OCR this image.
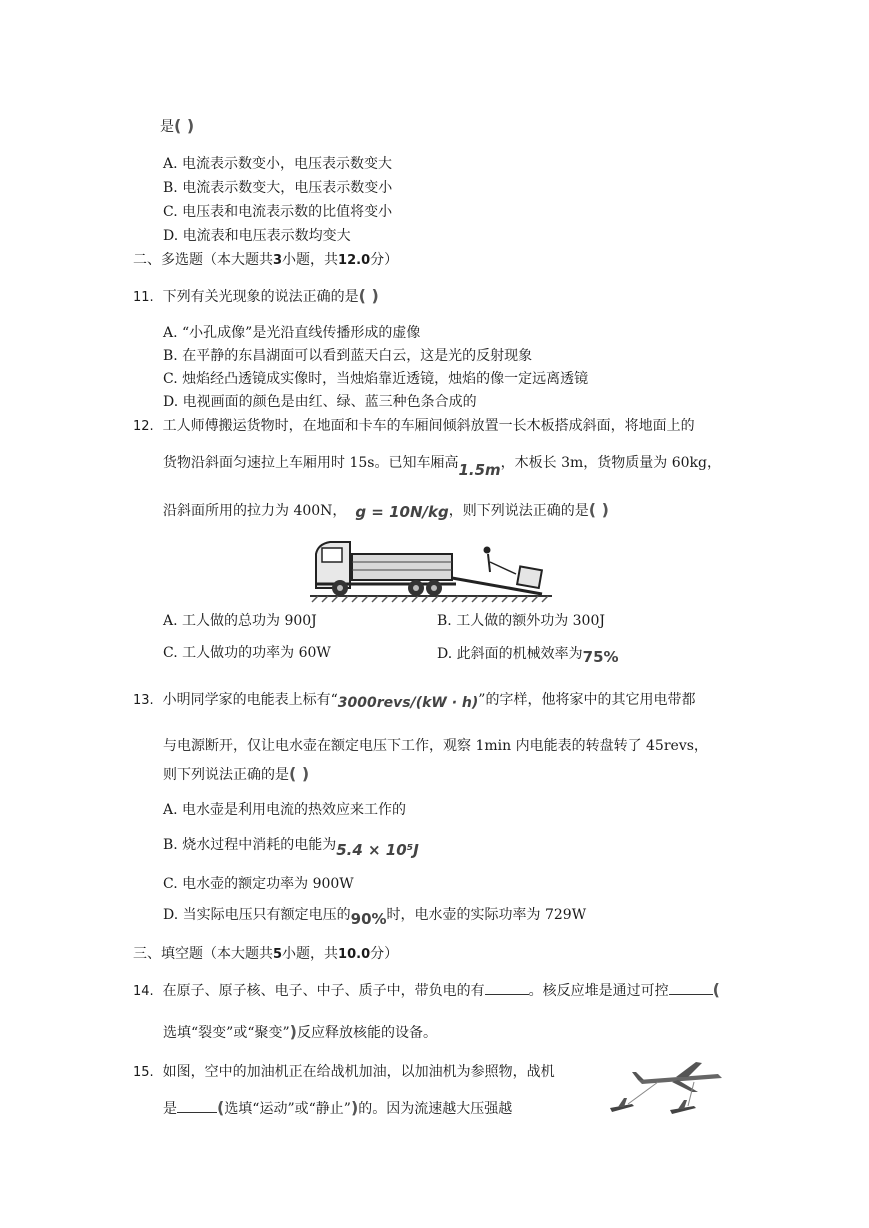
是( )
A. 电流表示数变小，电压表示数变大
B. 电流表示数变大，电压表示数变小
C. 电压表和电流表示数的比值将变小
D. 电流表和电压表示数均变大
二、多选题（本大题共3小题，共12.0分）
11. 下列有关光现象的说法正确的是( )
A. “小孔成像”是光沿直线传播形成的虚像
B. 在平静的东昌湖面可以看到蓝天白云，这是光的反射现象
C. 烛焰经凸透镜成实像时，当烛焰靠近透镜，烛焰的像一定远离透镜
D. 电视画面的颜色是由红、绿、蓝三种色条合成的
12. 工人师傅搬运货物时，在地面和卡车的车厢间倾斜放置一长木板搭成斜面，将地面上的
货物沿斜面匀速拉上车厢用时 15s。已知车厢高1.5m，木板长 3m，货物质量为 60kg，
沿斜面所用的拉力为 400N， g = 10N/kg，则下列说法正确的是( )
A. 工人做的总功为 900J	B. 工人做的额外功为 300J
C. 工人做功的功率为 60W	D. 此斜面的机械效率为75%
13. 小明同学家的电能表上标有“3000revs/(kW · h)”的字样，他将家中的其它用电带都
与电源断开，仅让电水壶在额定电压下工作，观察 1min 内电能表的转盘转了 45revs，
则下列说法正确的是( )
A. 电水壶是利用电流的热效应来工作的
B. 烧水过程中消耗的电能为5.4 × 10⁵J
C. 电水壶的额定功率为 900W
D. 当实际电压只有额定电压的90%时，电水壶的实际功率为 729W
三、填空题（本大题共5小题，共10.0分）
14. 在原子、原子核、电子、中子、质子中，带负电的有	。核反应堆是通过可控	(
选填“裂变”或“聚变”)反应释放核能的设备。
15. 如图，空中的加油机正在给战机加油，以加油机为参照物，战机
是	(选填“运动”或“静止”)的。因为流速越大压强越
